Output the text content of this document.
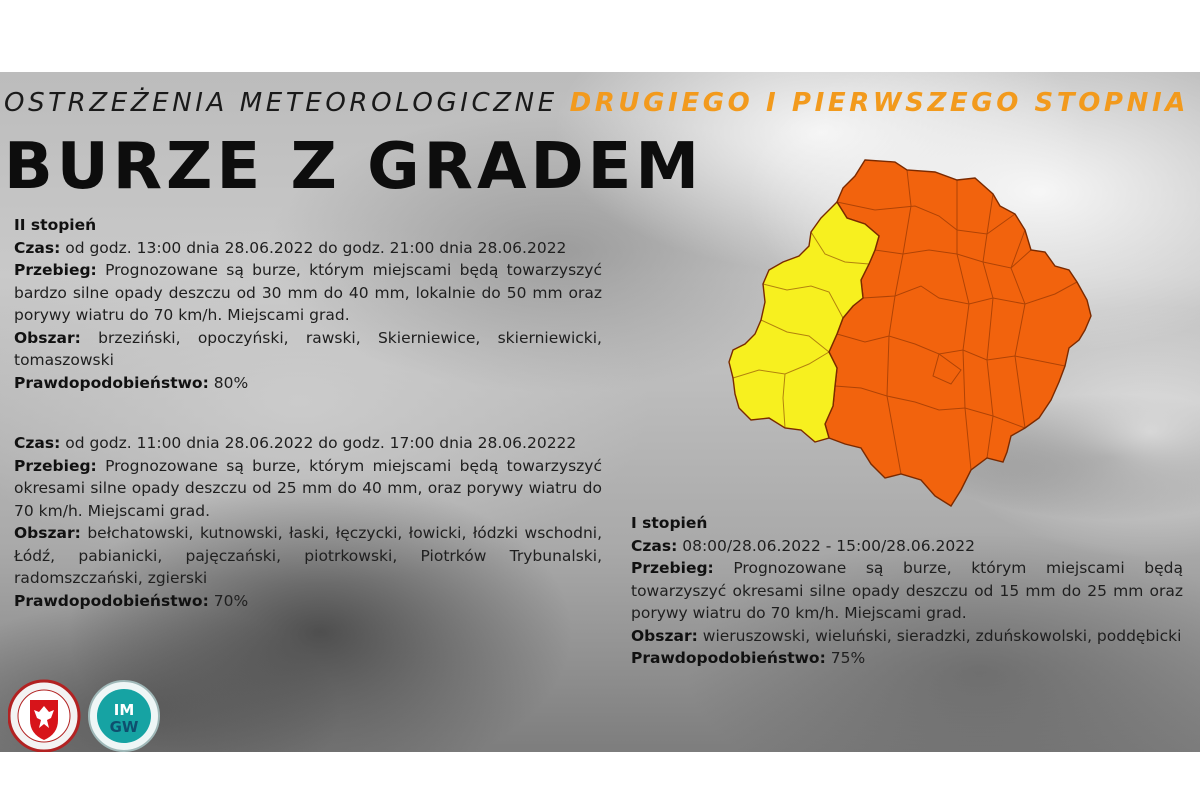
OSTRZEŻENIA METEOROLOGICZNE DRUGIEGO I PIERWSZEGO STOPNIA
BURZE Z GRADEM
II stopień
Czas: od godz. 13:00 dnia 28.06.2022 do godz. 21:00 dnia 28.06.2022
Przebieg: Prognozowane są burze, którym miejscami będą towarzyszyć bardzo silne opady deszczu od 30 mm do 40 mm, lokalnie do 50 mm oraz porywy wiatru do 70 km/h. Miejscami grad.
Obszar: brzeziński, opoczyński, rawski, Skierniewice, skierniewicki, tomaszowski
Prawdopodobieństwo: 80%
Czas: od godz. 11:00 dnia 28.06.2022 do godz. 17:00 dnia 28.06.20222
Przebieg: Prognozowane są burze, którym miejscami będą towarzyszyć okresami silne opady deszczu od 25 mm do 40 mm, oraz porywy wiatru do 70 km/h. Miejscami grad.
Obszar: bełchatowski, kutnowski, łaski, łęczycki, łowicki, łódzki wschodni, Łódź, pabianicki, pajęczański, piotrkowski, Piotrków Trybunalski, radomszczański, zgierski
Prawdopodobieństwo: 70%
I stopień
Czas: 08:00/28.06.2022 - 15:00/28.06.2022
Przebieg: Prognozowane są burze, którym miejscami będą towarzyszyć okresami silne opady deszczu od 15 mm do 25 mm oraz porywy wiatru do 70 km/h. Miejscami grad.
Obszar: wieruszowski, wieluński, sieradzki, zduńskowolski, poddębicki
Prawdopodobieństwo: 75%
IM
GW
